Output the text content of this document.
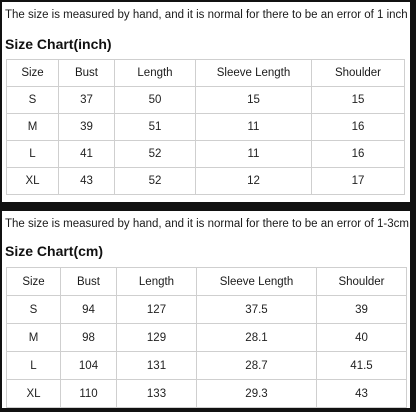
The size is measured by hand, and it is normal for there to be an error of 1 inch
Size Chart(inch)
Size	Bust	Length	Sleeve Length	Shoulder
S	37	50	15	15
M	39	51	11	16
L	41	52	11	16
XL	43	52	12	17
The size is measured by hand, and it is normal for there to be an error of 1-3cm
Size Chart(cm)
Size	Bust	Length	Sleeve Length	Shoulder
S	94	127	37.5	39
M	98	129	28.1	40
L	104	131	28.7	41.5
XL	110	133	29.3	43
